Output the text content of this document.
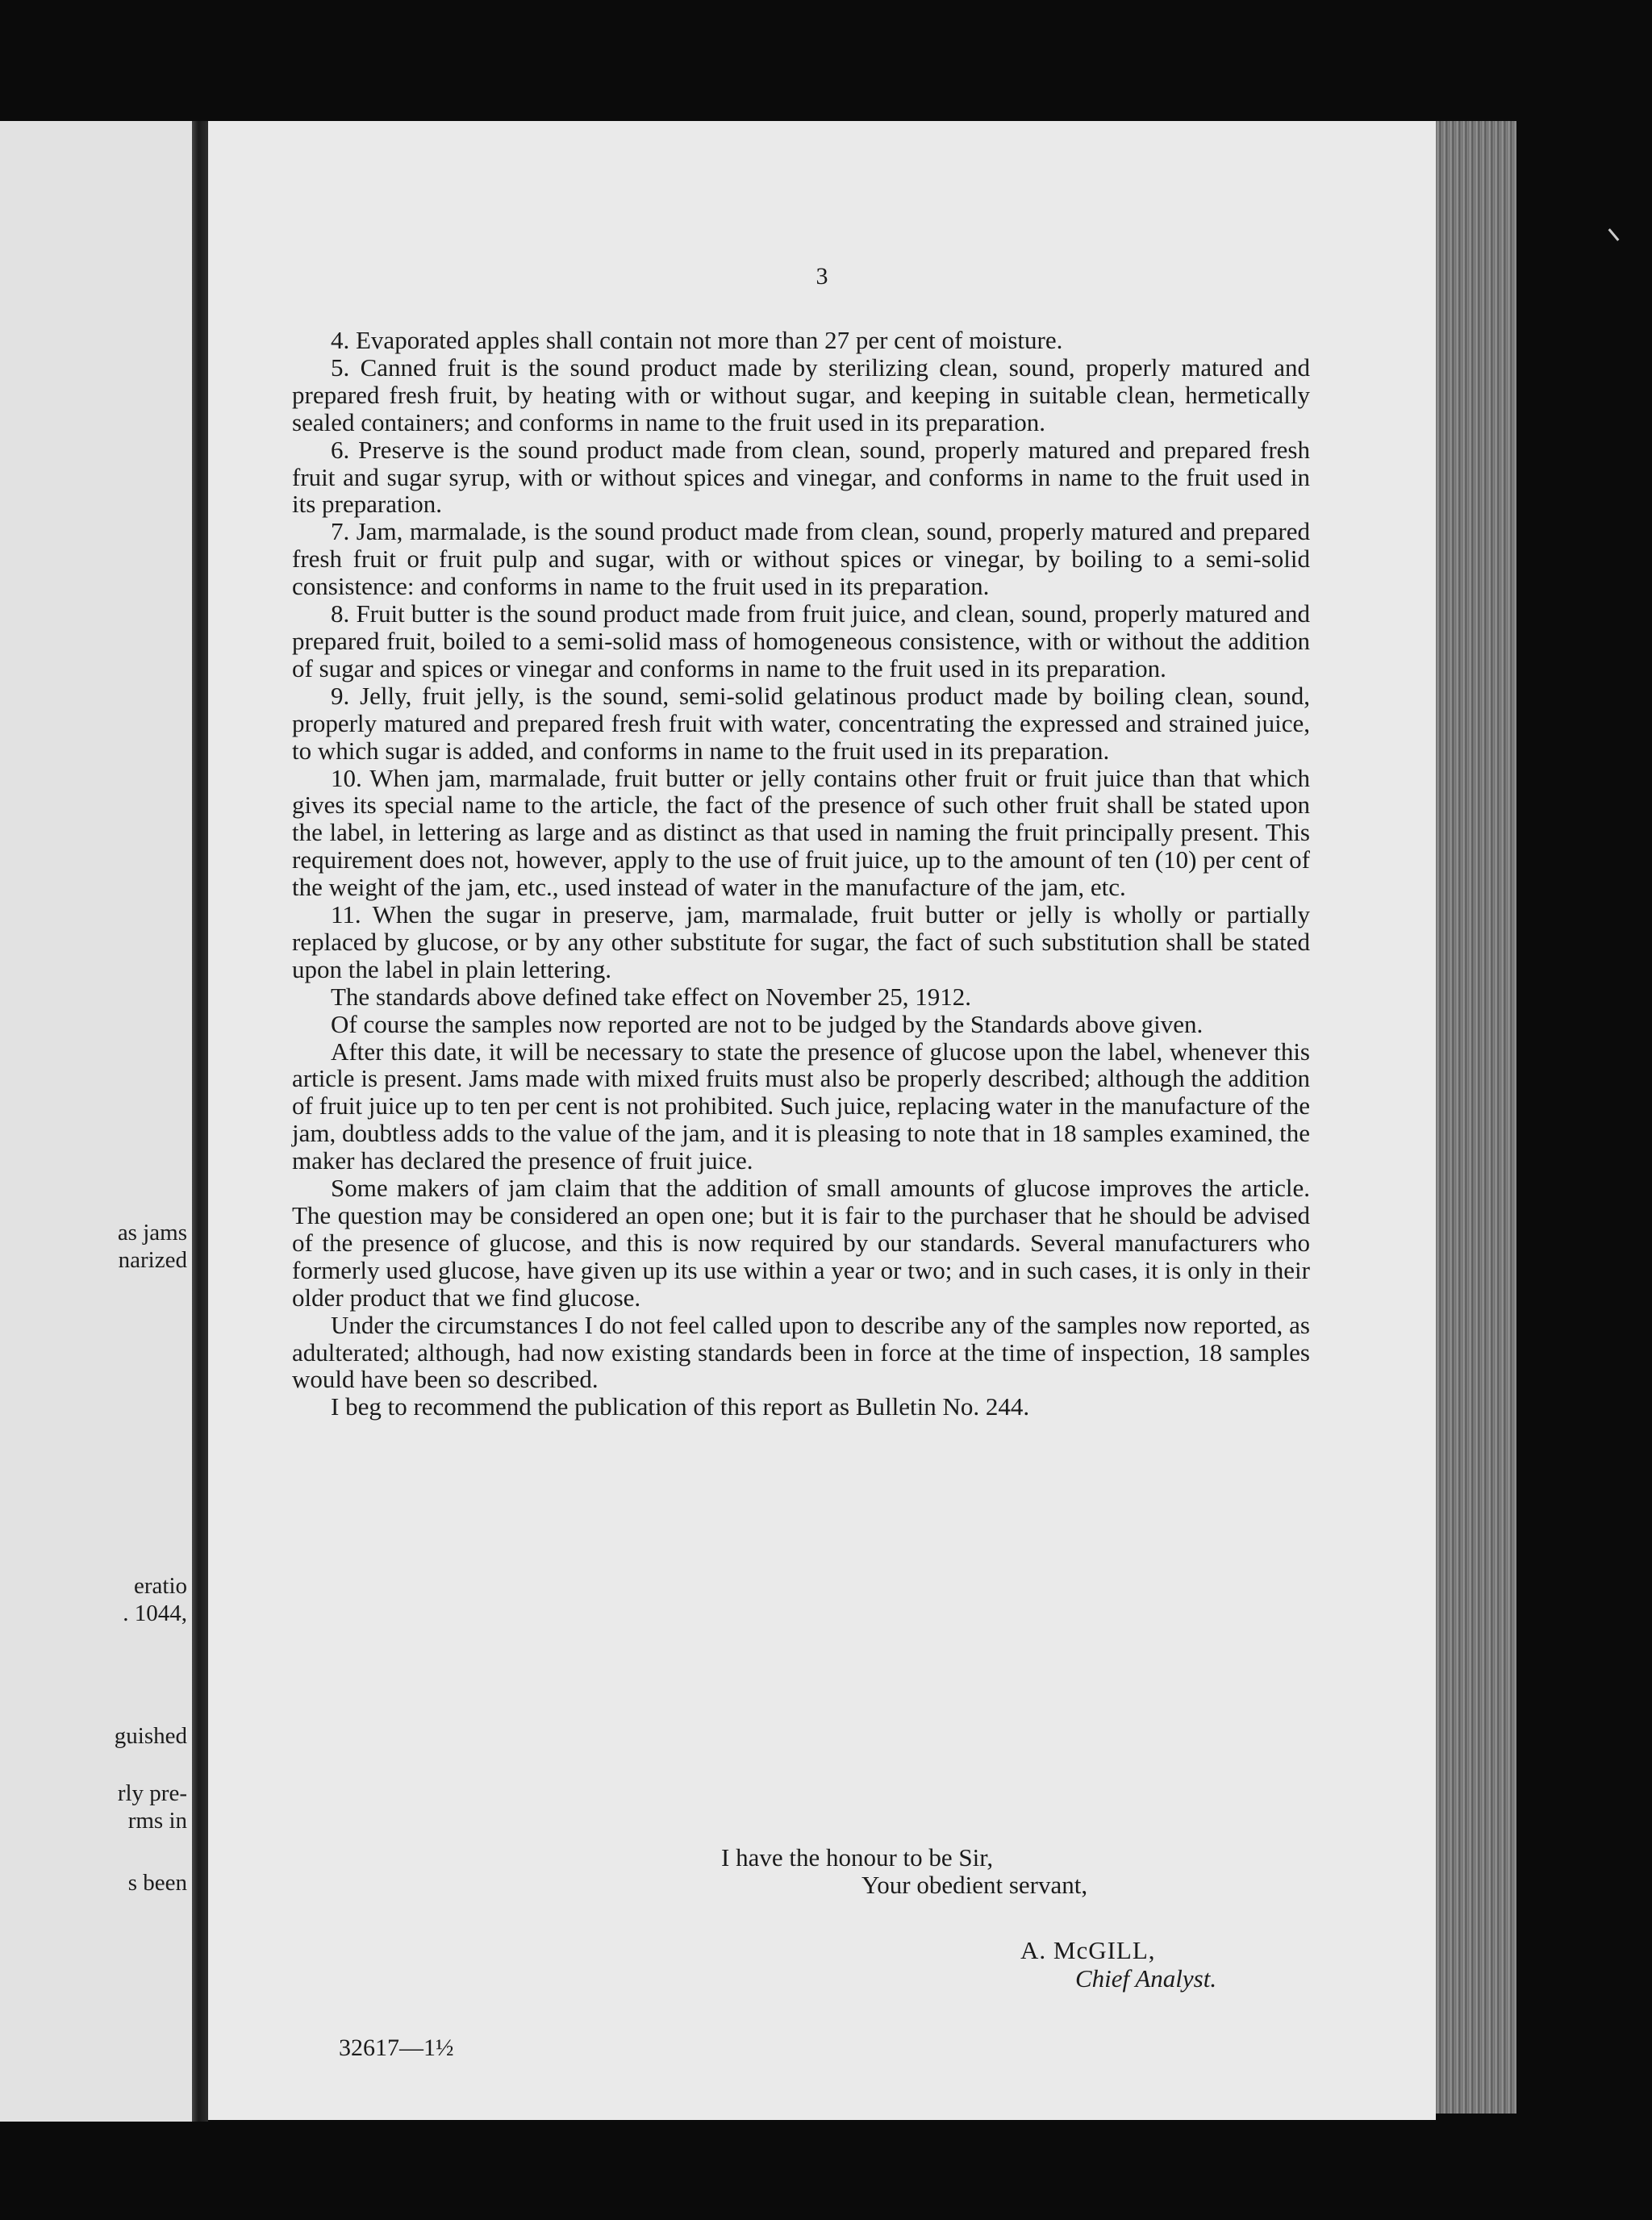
as jams
narized
eratio
. 1044,
guished
rly pre-
rms in
s been
3

4. Evaporated apples shall contain not more than 27 per cent of moisture.

5. Canned fruit is the sound product made by sterilizing clean, sound, properly matured and prepared fresh fruit, by heating with or without sugar, and keeping in suitable clean, hermetically sealed containers; and conforms in name to the fruit used in its preparation.

6. Preserve is the sound product made from clean, sound, properly matured and prepared fresh fruit and sugar syrup, with or without spices and vinegar, and conforms in name to the fruit used in its preparation.

7. Jam, marmalade, is the sound product made from clean, sound, properly matured and prepared fresh fruit or fruit pulp and sugar, with or without spices or vinegar, by boiling to a semi-solid consistence: and conforms in name to the fruit used in its preparation.

8. Fruit butter is the sound product made from fruit juice, and clean, sound, properly matured and prepared fruit, boiled to a semi-solid mass of homogeneous consistence, with or without the addition of sugar and spices or vinegar and conforms in name to the fruit used in its preparation.

9. Jelly, fruit jelly, is the sound, semi-solid gelatinous product made by boiling clean, sound, properly matured and prepared fresh fruit with water, concentrating the expressed and strained juice, to which sugar is added, and conforms in name to the fruit used in its preparation.

10. When jam, marmalade, fruit butter or jelly contains other fruit or fruit juice than that which gives its special name to the article, the fact of the presence of such other fruit shall be stated upon the label, in lettering as large and as distinct as that used in naming the fruit principally present. This requirement does not, however, apply to the use of fruit juice, up to the amount of ten (10) per cent of the weight of the jam, etc., used instead of water in the manufacture of the jam, etc.

11. When the sugar in preserve, jam, marmalade, fruit butter or jelly is wholly or partially replaced by glucose, or by any other substitute for sugar, the fact of such substitution shall be stated upon the label in plain lettering.

The standards above defined take effect on November 25, 1912.

Of course the samples now reported are not to be judged by the Standards above given.

After this date, it will be necessary to state the presence of glucose upon the label, whenever this article is present. Jams made with mixed fruits must also be properly described; although the addition of fruit juice up to ten per cent is not prohibited. Such juice, replacing water in the manufacture of the jam, doubtless adds to the value of the jam, and it is pleasing to note that in 18 samples examined, the maker has declared the presence of fruit juice.

Some makers of jam claim that the addition of small amounts of glucose improves the article. The question may be considered an open one; but it is fair to the purchaser that he should be advised of the presence of glucose, and this is now required by our standards. Several manufacturers who formerly used glucose, have given up its use within a year or two; and in such cases, it is only in their older product that we find glucose.

Under the circumstances I do not feel called upon to describe any of the samples now reported, as adulterated; although, had now existing standards been in force at the time of inspection, 18 samples would have been so described.

I beg to recommend the publication of this report as Bulletin No. 244.

I have the honour to be Sir,
Your obedient servant,
A. McGILL,
Chief Analyst.
32617—1½
